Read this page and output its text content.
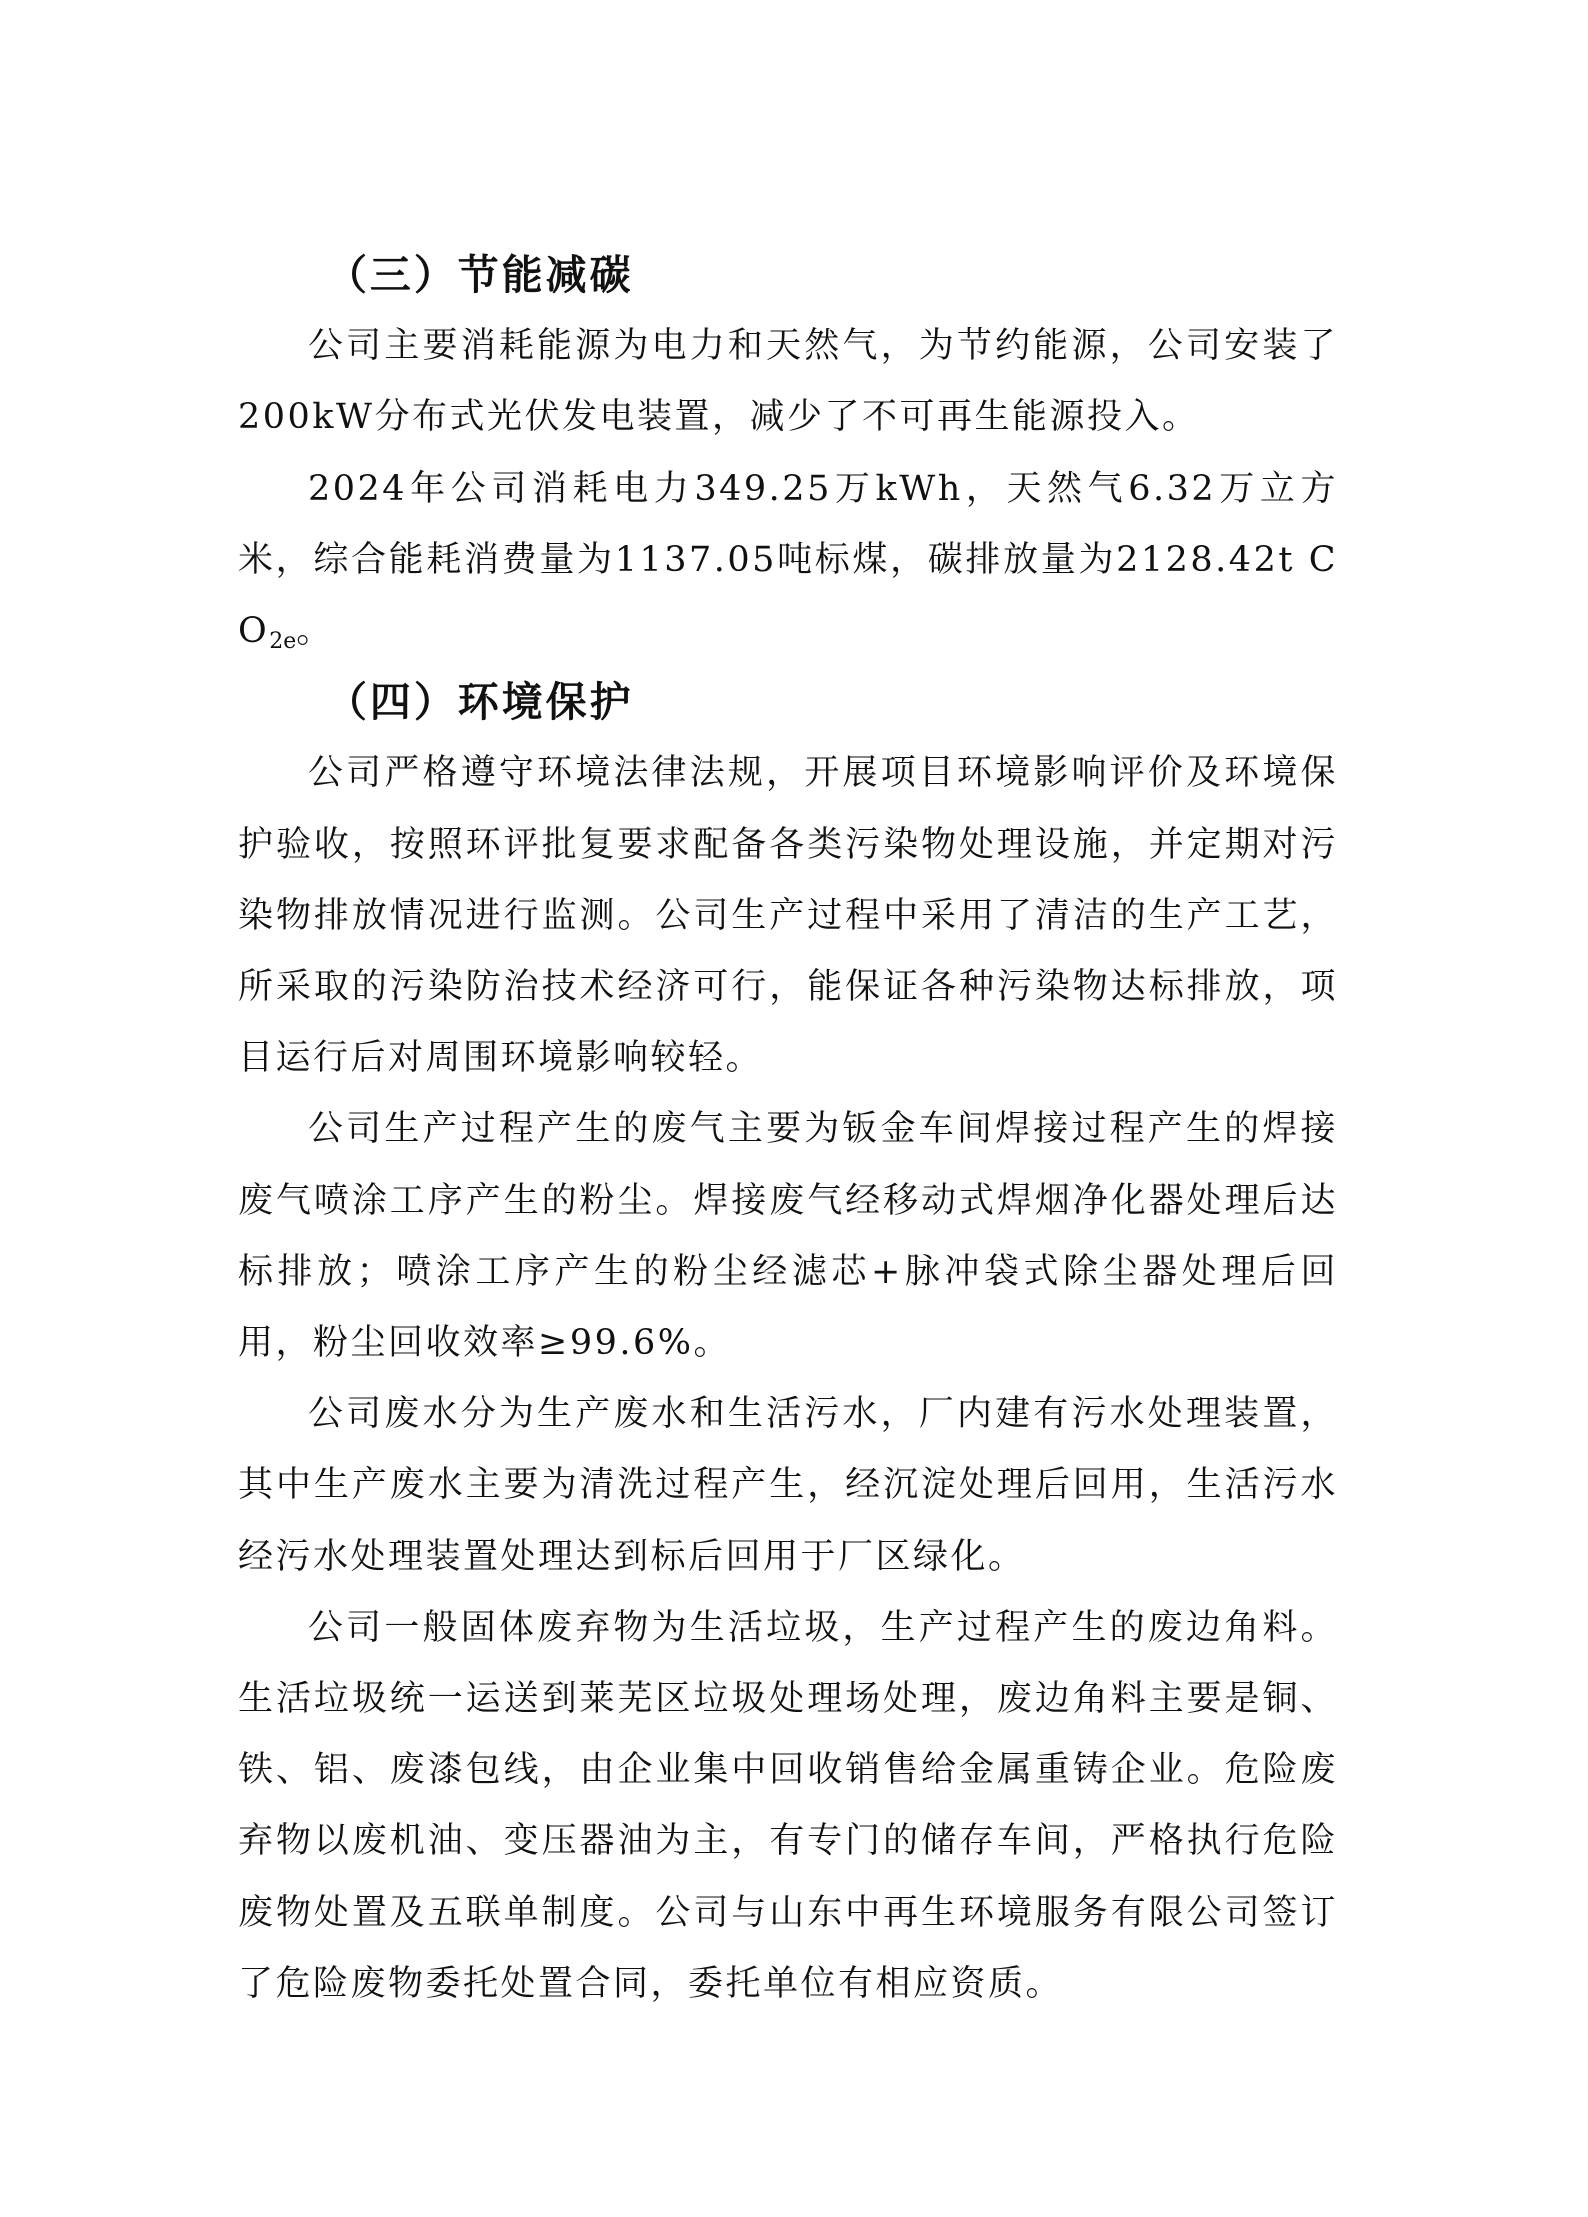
（三）节能减碳

公司主要消耗能源为电力和天然气，为节约能源，公司安装了200kW分布式光伏发电装置，减少了不可再生能源投入。

2024年公司消耗电力349.25万kWh，天然气6.32万立方米，综合能耗消费量为1137.05吨标煤，碳排放量为2128.42t $CO_{2e}$。

（四）环境保护

公司严格遵守环境法律法规，开展项目环境影响评价及环境保护验收，按照环评批复要求配备各类污染物处理设施，并定期对污染物排放情况进行监测。公司生产过程中采用了清洁的生产工艺，所采取的污染防治技术经济可行，能保证各种污染物达标排放，项目运行后对周围环境影响较轻。

公司生产过程产生的废气主要为钣金车间焊接过程产生的焊接废气喷涂工序产生的粉尘。焊接废气经移动式焊烟净化器处理后达标排放；喷涂工序产生的粉尘经滤芯+脉冲袋式除尘器处理后回用，粉尘回收效率≥99.6%。

公司废水分为生产废水和生活污水，厂内建有污水处理装置，其中生产废水主要为清洗过程产生，经沉淀处理后回用，生活污水经污水处理装置处理达到标后回用于厂区绿化。

公司一般固体废弃物为生活垃圾，生产过程产生的废边角料。生活垃圾统一运送到莱芜区垃圾处理场处理，废边角料主要是铜、铁、铝、废漆包线，由企业集中回收销售给金属重铸企业。危险废弃物以废机油、变压器油为主，有专门的储存车间，严格执行危险废物处置及五联单制度。公司与山东中再生环境服务有限公司签订了危险废物委托处置合同，委托单位有相应资质。
